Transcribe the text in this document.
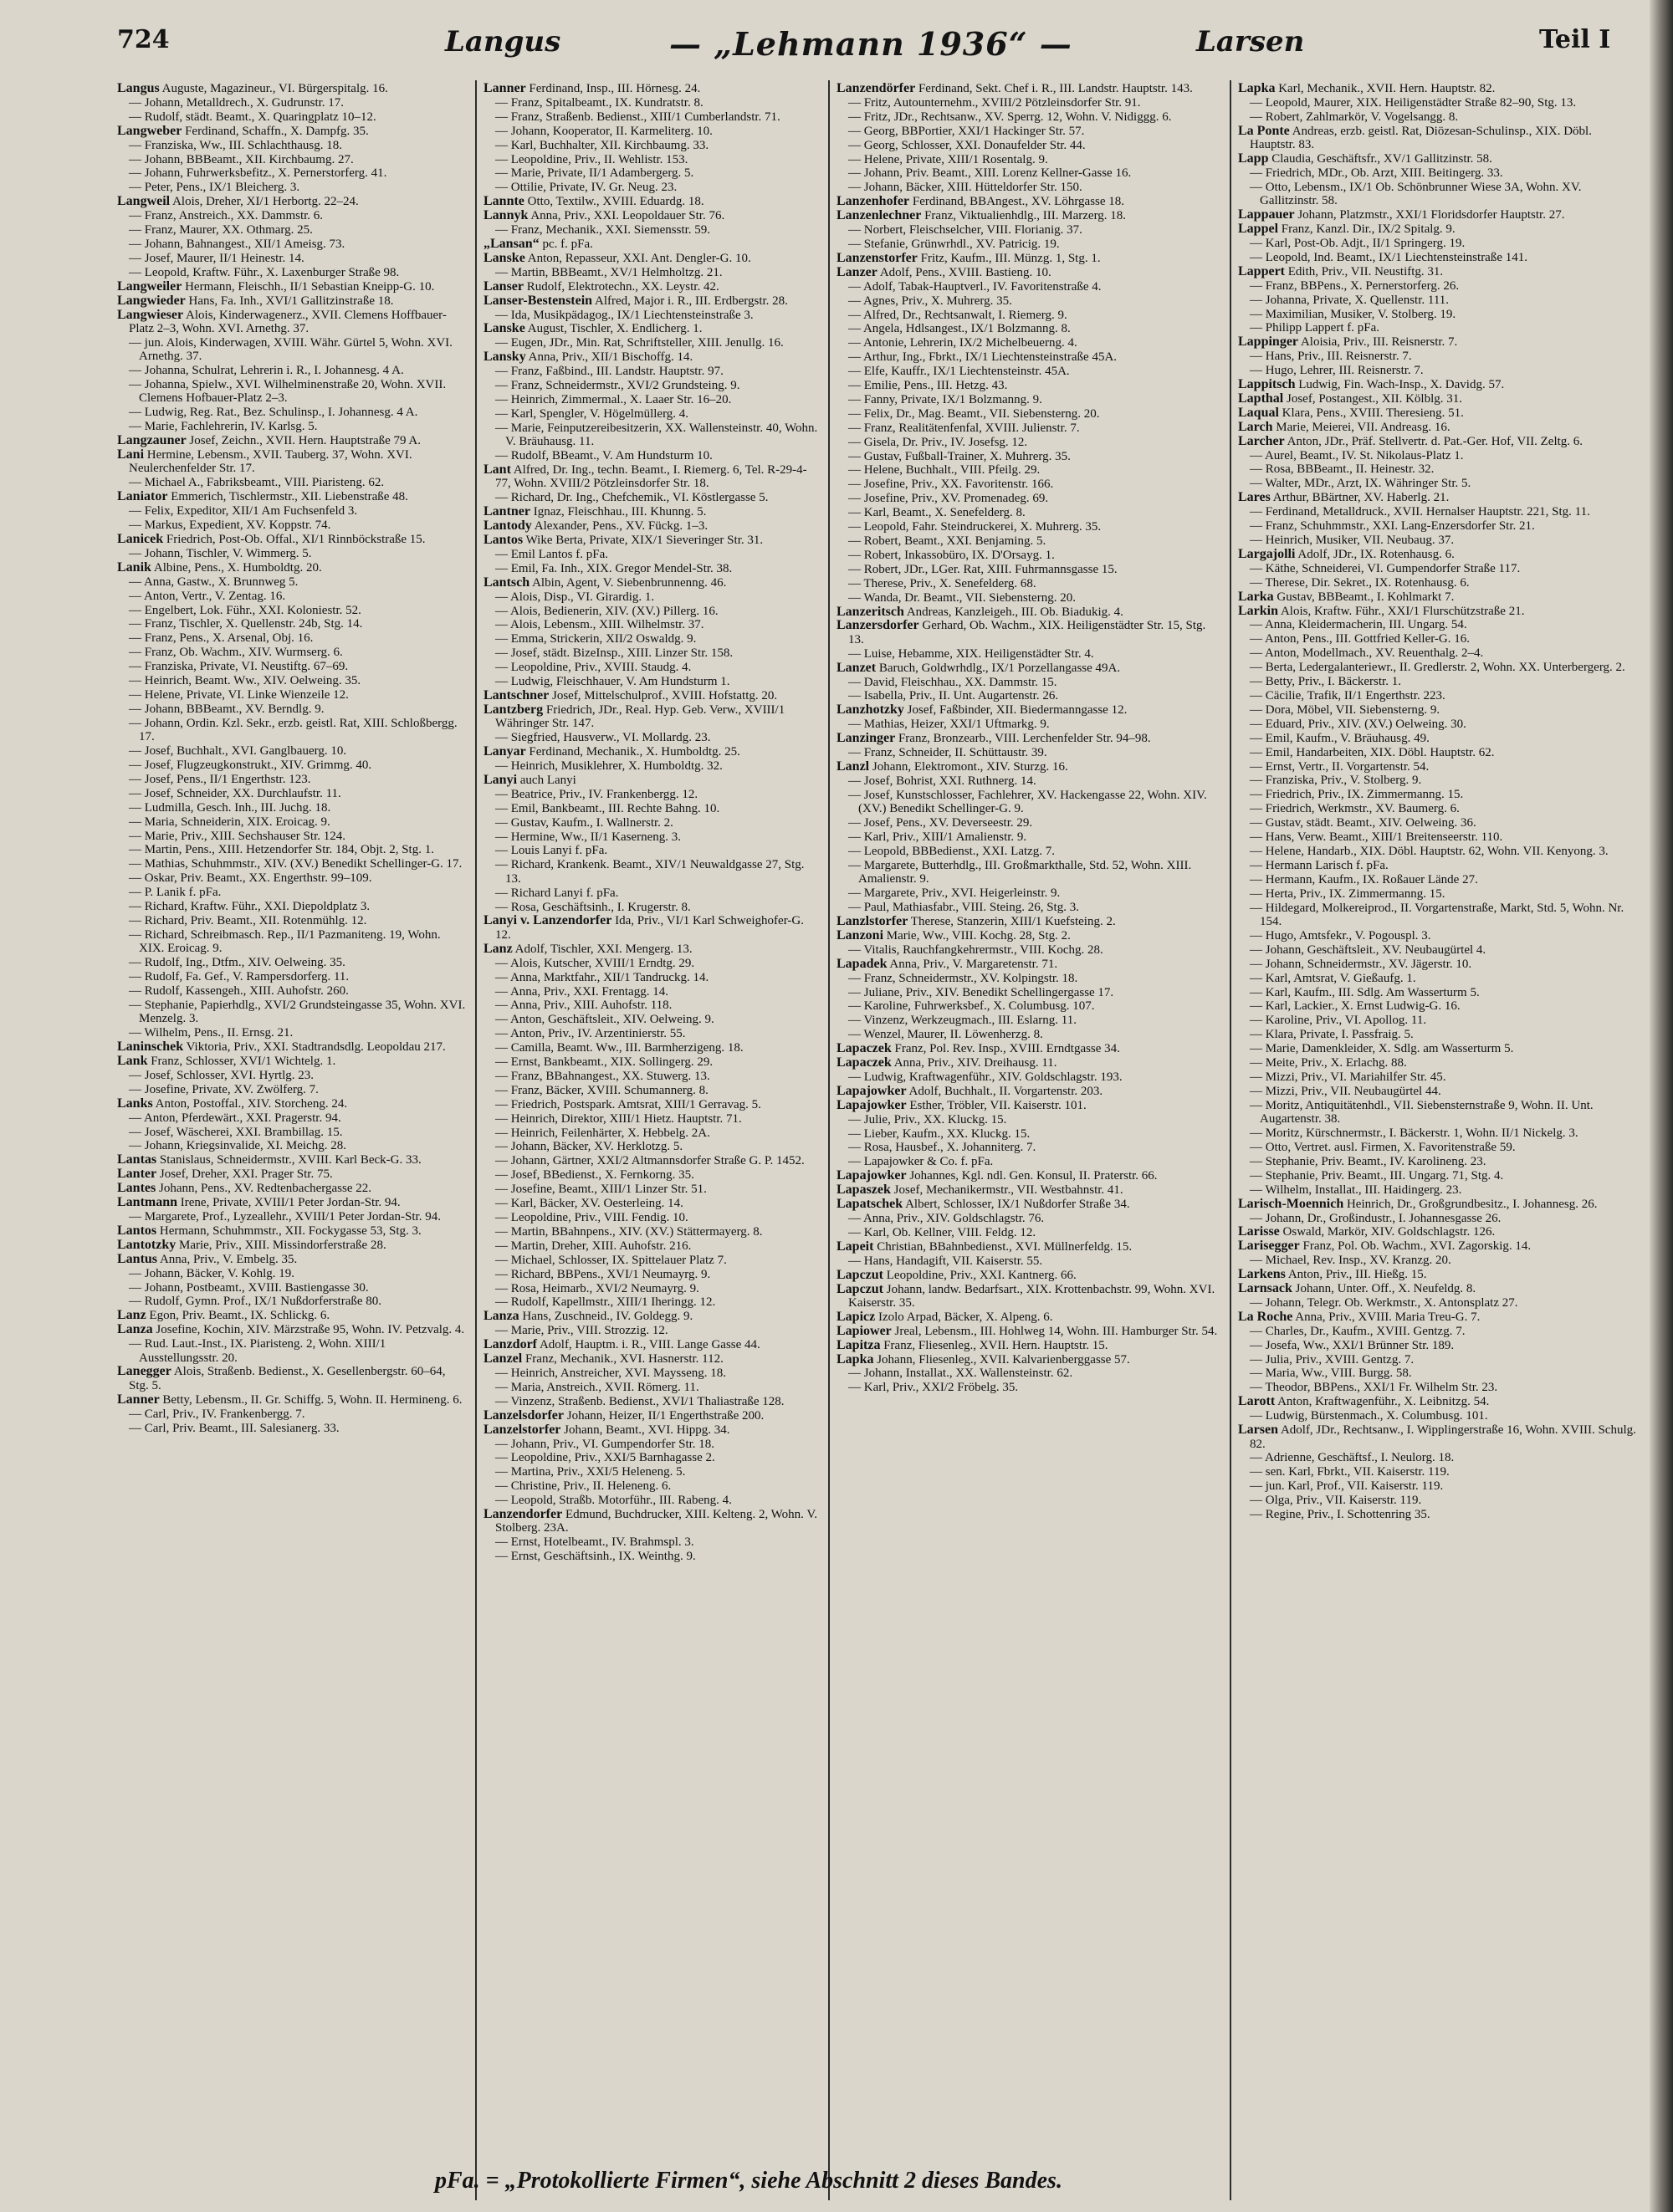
724	Langus	— „Lehmann 1936“ —	Larsen	Teil I
Langus Auguste, Magazineur., VI. Bürgerspitalg. 16.
— Johann, Metalldrech., X. Gudrunstr. 17.
— Rudolf, städt. Beamt., X. Quaringplatz 10–12.
Langweber Ferdinand, Schaffn., X. Dampfg. 35.
— Franziska, Ww., III. Schlachthausg. 18.
— Johann, BBBeamt., XII. Kirchbaumg. 27.
— Johann, Fuhrwerksbefitz., X. Pernerstorferg. 41.
— Peter, Pens., IX/1 Bleicherg. 3.
Langweil Alois, Dreher, XI/1 Herbortg. 22–24.
— Franz, Anstreich., XX. Dammstr. 6.
— Franz, Maurer, XX. Othmarg. 25.
— Johann, Bahnangest., XII/1 Ameisg. 73.
— Josef, Maurer, II/1 Heinestr. 14.
— Leopold, Kraftw. Führ., X. Laxenburger Straße 98.
Langweiler Hermann, Fleischh., II/1 Sebastian Kneipp-G. 10.
Langwieder Hans, Fa. Inh., XVI/1 Gallitzinstraße 18.
Langwieser Alois, Kinderwagenerz., XVII. Clemens Hoffbauer-Platz 2–3, Wohn. XVI. Arnethg. 37.
— jun. Alois, Kinderwagen, XVIII. Währ. Gürtel 5, Wohn. XVI. Arnethg. 37.
— Johanna, Schulrat, Lehrerin i. R., I. Johannesg. 4 A.
— Johanna, Spielw., XVI. Wilhelminenstraße 20, Wohn. XVII. Clemens Hofbauer-Platz 2–3.
— Ludwig, Reg. Rat., Bez. Schulinsp., I. Johannesg. 4 A.
— Marie, Fachlehrerin, IV. Karlsg. 5.
Langzauner Josef, Zeichn., XVII. Hern. Hauptstraße 79 A.
Lani Hermine, Lebensm., XVII. Tauberg. 37, Wohn. XVI. Neulerchenfelder Str. 17.
— Michael A., Fabriksbeamt., VIII. Piaristeng. 62.
Laniator Emmerich, Tischlermstr., XII. Liebenstraße 48.
— Felix, Expeditor, XII/1 Am Fuchsenfeld 3.
— Markus, Expedient, XV. Koppstr. 74.
Lanicek Friedrich, Post-Ob. Offal., XI/1 Rinnböckstraße 15.
— Johann, Tischler, V. Wimmerg. 5.
Lanik Albine, Pens., X. Humboldtg. 20.
— Anna, Gastw., X. Brunnweg 5.
— Anton, Vertr., V. Zentag. 16.
— Engelbert, Lok. Führ., XXI. Koloniestr. 52.
— Franz, Tischler, X. Quellenstr. 24b, Stg. 14.
— Franz, Pens., X. Arsenal, Obj. 16.
— Franz, Ob. Wachm., XIV. Wurmserg. 6.
— Franziska, Private, VI. Neustiftg. 67–69.
— Heinrich, Beamt. Ww., XIV. Oelweing. 35.
— Helene, Private, VI. Linke Wienzeile 12.
— Johann, BBBeamt., XV. Berndlg. 9.
— Johann, Ordin. Kzl. Sekr., erzb. geistl. Rat, XIII. Schloßbergg. 17.
— Josef, Buchhalt., XVI. Ganglbauerg. 10.
— Josef, Flugzeugkonstrukt., XIV. Grimmg. 40.
— Josef, Pens., II/1 Engerthstr. 123.
— Josef, Schneider, XX. Durchlaufstr. 11.
— Ludmilla, Gesch. Inh., III. Juchg. 18.
— Maria, Schneiderin, XIX. Eroicag. 9.
— Marie, Priv., XIII. Sechshauser Str. 124.
— Martin, Pens., XIII. Hetzendorfer Str. 184, Objt. 2, Stg. 1.
— Mathias, Schuhmmstr., XIV. (XV.) Benedikt Schellinger-G. 17.
— Oskar, Priv. Beamt., XX. Engerthstr. 99–109.
— P. Lanik f. pFa.
— Richard, Kraftw. Führ., XXI. Diepoldplatz 3.
— Richard, Priv. Beamt., XII. Rotenmühlg. 12.
— Richard, Schreibmasch. Rep., II/1 Pazmaniteng. 19, Wohn. XIX. Eroicag. 9.
— Rudolf, Ing., Dtfm., XIV. Oelweing. 35.
— Rudolf, Fa. Gef., V. Rampersdorferg. 11.
— Rudolf, Kassengeh., XIII. Auhofstr. 260.
— Stephanie, Papierhdlg., XVI/2 Grundsteingasse 35, Wohn. XVI. Menzelg. 3.
— Wilhelm, Pens., II. Ernsg. 21.
Laninschek Viktoria, Priv., XXI. Stadtrandsdlg. Leopoldau 217.
Lank Franz, Schlosser, XVI/1 Wichtelg. 1.
— Josef, Schlosser, XVI. Hyrtlg. 23.
— Josefine, Private, XV. Zwölferg. 7.
Lanks Anton, Postoffal., XIV. Storcheng. 24.
— Anton, Pferdewärt., XXI. Pragerstr. 94.
— Josef, Wäscherei, XXI. Brambillag. 15.
— Johann, Kriegsinvalide, XI. Meichg. 28.
Lantas Stanislaus, Schneidermstr., XVIII. Karl Beck-G. 33.
Lanter Josef, Dreher, XXI. Prager Str. 75.
Lantes Johann, Pens., XV. Redtenbachergasse 22.
Lantmann Irene, Private, XVIII/1 Peter Jordan-Str. 94.
— Margarete, Prof., Lyzeallehr., XVIII/1 Peter Jordan-Str. 94.
Lantos Hermann, Schuhmmstr., XII. Fockygasse 53, Stg. 3.
Lantotzky Marie, Priv., XIII. Missindorferstraße 28.
Lantus Anna, Priv., V. Embelg. 35.
— Johann, Bäcker, V. Kohlg. 19.
— Johann, Postbeamt., XVIII. Bastiengasse 30.
— Rudolf, Gymn. Prof., IX/1 Nußdorferstraße 80.
Lanz Egon, Priv. Beamt., IX. Schlickg. 6.
Lanza Josefine, Kochin, XIV. Märzstraße 95, Wohn. IV. Petzvalg. 4.
— Rud. Laut.-Inst., IX. Piaristeng. 2, Wohn. XIII/1 Ausstellungsstr. 20.
Lanegger Alois, Straßenb. Bedienst., X. Gesellenbergstr. 60–64, Stg. 5.
Lanner Betty, Lebensm., II. Gr. Schiffg. 5, Wohn. II. Hermineng. 6.
— Carl, Priv., IV. Frankenbergg. 7.
— Carl, Priv. Beamt., III. Salesianerg. 33.
Lanner Ferdinand, Insp., III. Hörnesg. 24.
— Franz, Spitalbeamt., IX. Kundratstr. 8.
— Franz, Straßenb. Bedienst., XIII/1 Cumberlandstr. 71.
— Johann, Kooperator, II. Karmeliterg. 10.
— Karl, Buchhalter, XII. Kirchbaumg. 33.
— Leopoldine, Priv., II. Wehlistr. 153.
— Marie, Private, II/1 Adambergerg. 5.
— Ottilie, Private, IV. Gr. Neug. 23.
Lannte Otto, Textilw., XVIII. Eduardg. 18.
Lannyk Anna, Priv., XXI. Leopoldauer Str. 76.
— Franz, Mechanik., XXI. Siemensstr. 59.
„Lansan“ pc. f. pFa.
Lanske Anton, Repasseur, XXI. Ant. Dengler-G. 10.
— Martin, BBBeamt., XV/1 Helmholtzg. 21.
Lanser Rudolf, Elektrotechn., XX. Leystr. 42.
Lanser-Bestenstein Alfred, Major i. R., III. Erdbergstr. 28.
— Ida, Musikpädagog., IX/1 Liechtensteinstraße 3.
Lanske August, Tischler, X. Endlicherg. 1.
— Eugen, JDr., Min. Rat, Schriftsteller, XIII. Jenullg. 16.
Lansky Anna, Priv., XII/1 Bischoffg. 14.
— Franz, Faßbind., III. Landstr. Hauptstr. 97.
— Franz, Schneidermstr., XVI/2 Grundsteing. 9.
— Heinrich, Zimmermal., X. Laaer Str. 16–20.
— Karl, Spengler, V. Högelmüllerg. 4.
— Marie, Feinputzereibesitzerin, XX. Wallensteinstr. 40, Wohn. V. Bräuhausg. 11.
— Rudolf, BBeamt., V. Am Hundsturm 10.
Lant Alfred, Dr. Ing., techn. Beamt., I. Riemerg. 6, Tel. R-29-4-77, Wohn. XVIII/2 Pötzleinsdorfer Str. 18.
— Richard, Dr. Ing., Chefchemik., VI. Köstlergasse 5.
Lantner Ignaz, Fleischhau., III. Khunng. 5.
Lantody Alexander, Pens., XV. Fückg. 1–3.
Lantos Wike Berta, Private, XIX/1 Sieveringer Str. 31.
— Emil Lantos f. pFa.
— Emil, Fa. Inh., XIX. Gregor Mendel-Str. 38.
Lantsch Albin, Agent, V. Siebenbrunnenng. 46.
— Alois, Disp., VI. Girardig. 1.
— Alois, Bedienerin, XIV. (XV.) Pillerg. 16.
— Alois, Lebensm., XIII. Wilhelmstr. 37.
— Emma, Strickerin, XII/2 Oswaldg. 9.
— Josef, städt. BizeInsp., XIII. Linzer Str. 158.
— Leopoldine, Priv., XVIII. Staudg. 4.
— Ludwig, Fleischhauer, V. Am Hundsturm 1.
Lantschner Josef, Mittelschulprof., XVIII. Hofstattg. 20.
Lantzberg Friedrich, JDr., Real. Hyp. Geb. Verw., XVIII/1 Währinger Str. 147.
— Siegfried, Hausverw., VI. Mollardg. 23.
Lanyar Ferdinand, Mechanik., X. Humboldtg. 25.
— Heinrich, Musiklehrer, X. Humboldtg. 32.
Lanyi auch Lanyi
— Beatrice, Priv., IV. Frankenbergg. 12.
— Emil, Bankbeamt., III. Rechte Bahng. 10.
— Gustav, Kaufm., I. Wallnerstr. 2.
— Hermine, Ww., II/1 Kaserneng. 3.
— Louis Lanyi f. pFa.
— Richard, Krankenk. Beamt., XIV/1 Neuwaldgasse 27, Stg. 13.
— Richard Lanyi f. pFa.
— Rosa, Geschäftsinh., I. Krugerstr. 8.
Lanyi v. Lanzendorfer Ida, Priv., VI/1 Karl Schweighofer-G. 12.
Lanz Adolf, Tischler, XXI. Mengerg. 13.
— Alois, Kutscher, XVIII/1 Erndtg. 29.
— Anna, Marktfahr., XII/1 Tandruckg. 14.
— Anna, Priv., XXI. Frentagg. 14.
— Anna, Priv., XIII. Auhofstr. 118.
— Anton, Geschäftsleit., XIV. Oelweing. 9.
— Anton, Priv., IV. Arzentinierstr. 55.
— Camilla, Beamt. Ww., III. Barmherzigeng. 18.
— Ernst, Bankbeamt., XIX. Sollingerg. 29.
— Franz, BBahnangest., XX. Stuwerg. 13.
— Franz, Bäcker, XVIII. Schumannerg. 8.
— Friedrich, Postspark. Amtsrat, XIII/1 Gerravag. 5.
— Heinrich, Direktor, XIII/1 Hietz. Hauptstr. 71.
— Heinrich, Feilenhärter, X. Hebbelg. 2A.
— Johann, Bäcker, XV. Herklotzg. 5.
— Johann, Gärtner, XXI/2 Altmannsdorfer Straße G. P. 1452.
— Josef, BBedienst., X. Fernkorng. 35.
— Josefine, Beamt., XIII/1 Linzer Str. 51.
— Karl, Bäcker, XV. Oesterleing. 14.
— Leopoldine, Priv., VIII. Fendig. 10.
— Martin, BBahnpens., XIV. (XV.) Stättermayerg. 8.
— Martin, Dreher, XIII. Auhofstr. 216.
— Michael, Schlosser, IX. Spittelauer Platz 7.
— Richard, BBPens., XVI/1 Neumayrg. 9.
— Rosa, Heimarb., XVI/2 Neumayrg. 9.
— Rudolf, Kapellmstr., XIII/1 Iheringg. 12.
Lanza Hans, Zuschneid., IV. Goldegg. 9.
— Marie, Priv., VIII. Strozzig. 12.
Lanzdorf Adolf, Hauptm. i. R., VIII. Lange Gasse 44.
Lanzel Franz, Mechanik., XVI. Hasnerstr. 112.
— Heinrich, Anstreicher, XVI. Maysseng. 18.
— Maria, Anstreich., XVII. Römerg. 11.
— Vinzenz, Straßenb. Bedienst., XVI/1 Thaliastraße 128.
Lanzelsdorfer Johann, Heizer, II/1 Engerthstraße 200.
Lanzelstorfer Johann, Beamt., XVI. Hippg. 34.
— Johann, Priv., VI. Gumpendorfer Str. 18.
— Leopoldine, Priv., XXI/5 Barnhagasse 2.
— Martina, Priv., XXI/5 Heleneng. 5.
— Christine, Priv., II. Heleneng. 6.
— Leopold, Straßb. Motorführ., III. Rabeng. 4.
Lanzendorfer Edmund, Buchdrucker, XIII. Kelteng. 2, Wohn. V. Stolberg. 23A.
— Ernst, Hotelbeamt., IV. Brahmspl. 3.
— Ernst, Geschäftsinh., IX. Weinthg. 9.
Lanzendörfer Ferdinand, Sekt. Chef i. R., III. Landstr. Hauptstr. 143.
— Fritz, Autounternehm., XVIII/2 Pötzleinsdorfer Str. 91.
— Fritz, JDr., Rechtsanw., XV. Sperrg. 12, Wohn. V. Nidiggg. 6.
— Georg, BBPortier, XXI/1 Hackinger Str. 57.
— Georg, Schlosser, XXI. Donaufelder Str. 44.
— Helene, Private, XIII/1 Rosentalg. 9.
— Johann, Priv. Beamt., XIII. Lorenz Kellner-Gasse 16.
— Johann, Bäcker, XIII. Hütteldorfer Str. 150.
Lanzenhofer Ferdinand, BBAngest., XV. Löhrgasse 18.
Lanzenlechner Franz, Viktualienhdlg., III. Marzerg. 18.
— Norbert, Fleischselcher, VIII. Florianig. 37.
— Stefanie, Grünwrhdl., XV. Patricig. 19.
Lanzenstorfer Fritz, Kaufm., III. Münzg. 1, Stg. 1.
Lanzer Adolf, Pens., XVIII. Bastieng. 10.
— Adolf, Tabak-Hauptverl., IV. Favoritenstraße 4.
— Agnes, Priv., X. Muhrerg. 35.
— Alfred, Dr., Rechtsanwalt, I. Riemerg. 9.
— Angela, Hdlsangest., IX/1 Bolzmanng. 8.
— Antonie, Lehrerin, IX/2 Michelbeuerng. 4.
— Arthur, Ing., Fbrkt., IX/1 Liechtensteinstraße 45A.
— Elfe, Kauffr., IX/1 Liechtensteinstr. 45A.
— Emilie, Pens., III. Hetzg. 43.
— Fanny, Private, IX/1 Bolzmanng. 9.
— Felix, Dr., Mag. Beamt., VII. Siebensterng. 20.
— Franz, Realitätenfenfal, XVIII. Julienstr. 7.
— Gisela, Dr. Priv., IV. Josefsg. 12.
— Gustav, Fußball-Trainer, X. Muhrerg. 35.
— Helene, Buchhalt., VIII. Pfeilg. 29.
— Josefine, Priv., XX. Favoritenstr. 166.
— Josefine, Priv., XV. Promenadeg. 69.
— Karl, Beamt., X. Senefelderg. 8.
— Leopold, Fahr. Steindruckerei, X. Muhrerg. 35.
— Robert, Beamt., XXI. Benjaming. 5.
— Robert, Inkassobüro, IX. D'Orsayg. 1.
— Robert, JDr., LGer. Rat, XIII. Fuhrmannsgasse 15.
— Therese, Priv., X. Senefelderg. 68.
— Wanda, Dr. Beamt., VII. Siebensterng. 20.
Lanzeritsch Andreas, Kanzleigeh., III. Ob. Biadukig. 4.
Lanzersdorfer Gerhard, Ob. Wachm., XIX. Heiligenstädter Str. 15, Stg. 13.
— Luise, Hebamme, XIX. Heiligenstädter Str. 4.
Lanzet Baruch, Goldwrhdlg., IX/1 Porzellangasse 49A.
— David, Fleischhau., XX. Dammstr. 15.
— Isabella, Priv., II. Unt. Augartenstr. 26.
Lanzhotzky Josef, Faßbinder, XII. Biedermanngasse 12.
— Mathias, Heizer, XXI/1 Uftmarkg. 9.
Lanzinger Franz, Bronzearb., VIII. Lerchenfelder Str. 94–98.
— Franz, Schneider, II. Schüttaustr. 39.
Lanzl Johann, Elektromont., XIV. Sturzg. 16.
— Josef, Bohrist, XXI. Ruthnerg. 14.
— Josef, Kunstschlosser, Fachlehrer, XV. Hackengasse 22, Wohn. XIV. (XV.) Benedikt Schellinger-G. 9.
— Josef, Pens., XV. Deverseestr. 29.
— Karl, Priv., XIII/1 Amalienstr. 9.
— Leopold, BBBedienst., XXI. Latzg. 7.
— Margarete, Butterhdlg., III. Großmarkthalle, Std. 52, Wohn. XIII. Amalienstr. 9.
— Margarete, Priv., XVI. Heigerleinstr. 9.
— Paul, Mathiasfabr., VIII. Steing. 26, Stg. 3.
Lanzlstorfer Therese, Stanzerin, XIII/1 Kuefsteing. 2.
Lanzoni Marie, Ww., VIII. Kochg. 28, Stg. 2.
— Vitalis, Rauchfangkehrermstr., VIII. Kochg. 28.
Lapadek Anna, Priv., V. Margaretenstr. 71.
— Franz, Schneidermstr., XV. Kolpingstr. 18.
— Juliane, Priv., XIV. Benedikt Schellingergasse 17.
— Karoline, Fuhrwerksbef., X. Columbusg. 107.
— Vinzenz, Werkzeugmach., III. Eslarng. 11.
— Wenzel, Maurer, II. Löwenherzg. 8.
Lapaczek Franz, Pol. Rev. Insp., XVIII. Erndtgasse 34.
Lapaczek Anna, Priv., XIV. Dreihausg. 11.
— Ludwig, Kraftwagenführ., XIV. Goldschlagstr. 193.
Lapajowker Adolf, Buchhalt., II. Vorgartenstr. 203.
Lapajowker Esther, Tröbler, VII. Kaiserstr. 101.
— Julie, Priv., XX. Kluckg. 15.
— Lieber, Kaufm., XX. Kluckg. 15.
— Rosa, Hausbef., X. Johanniterg. 7.
— Lapajowker & Co. f. pFa.
Lapajowker Johannes, Kgl. ndl. Gen. Konsul, II. Praterstr. 66.
Lapaszek Josef, Mechanikermstr., VII. Westbahnstr. 41.
Lapatschek Albert, Schlosser, IX/1 Nußdorfer Straße 34.
— Anna, Priv., XIV. Goldschlagstr. 76.
— Karl, Ob. Kellner, VIII. Feldg. 12.
Lapeit Christian, BBahnbedienst., XVI. Müllnerfeldg. 15.
— Hans, Handagift, VII. Kaiserstr. 55.
Lapczut Leopoldine, Priv., XXI. Kantnerg. 66.
Lapczut Johann, landw. Bedarfsart., XIX. Krottenbachstr. 99, Wohn. XVI. Kaiserstr. 35.
Lapicz Izolo Arpad, Bäcker, X. Alpeng. 6.
Lapiower Jreal, Lebensm., III. Hohlweg 14, Wohn. III. Hamburger Str. 54.
Lapitza Franz, Fliesenleg., XVII. Hern. Hauptstr. 15.
Lapka Johann, Fliesenleg., XVII. Kalvarienberggasse 57.
— Johann, Installat., XX. Wallensteinstr. 62.
— Karl, Priv., XXI/2 Fröbelg. 35.
Lapka Karl, Mechanik., XVII. Hern. Hauptstr. 82.
— Leopold, Maurer, XIX. Heiligenstädter Straße 82–90, Stg. 13.
— Robert, Zahlmarkör, V. Vogelsangg. 8.
La Ponte Andreas, erzb. geistl. Rat, Diözesan-Schulinsp., XIX. Döbl. Hauptstr. 83.
Lapp Claudia, Geschäftsfr., XV/1 Gallitzinstr. 58.
— Friedrich, MDr., Ob. Arzt, XIII. Beitingerg. 33.
— Otto, Lebensm., IX/1 Ob. Schönbrunner Wiese 3A, Wohn. XV. Gallitzinstr. 58.
Lappauer Johann, Platzmstr., XXI/1 Floridsdorfer Hauptstr. 27.
Lappel Franz, Kanzl. Dir., IX/2 Spitalg. 9.
— Karl, Post-Ob. Adjt., II/1 Springerg. 19.
— Leopold, Ind. Beamt., IX/1 Liechtensteinstraße 141.
Lappert Edith, Priv., VII. Neustiftg. 31.
— Franz, BBPens., X. Pernerstorferg. 26.
— Johanna, Private, X. Quellenstr. 111.
— Maximilian, Musiker, V. Stolberg. 19.
— Philipp Lappert f. pFa.
Lappinger Aloisia, Priv., III. Reisnerstr. 7.
— Hans, Priv., III. Reisnerstr. 7.
— Hugo, Lehrer, III. Reisnerstr. 7.
Lappitsch Ludwig, Fin. Wach-Insp., X. Davidg. 57.
Lapthal Josef, Postangest., XII. Kölblg. 31.
Laqual Klara, Pens., XVIII. Theresieng. 51.
Larch Marie, Meierei, VII. Andreasg. 16.
Larcher Anton, JDr., Präf. Stellvertr. d. Pat.-Ger. Hof, VII. Zeltg. 6.
— Aurel, Beamt., IV. St. Nikolaus-Platz 1.
— Rosa, BBBeamt., II. Heinestr. 32.
— Walter, MDr., Arzt, IX. Währinger Str. 5.
Lares Arthur, BBärtner, XV. Haberlg. 21.
— Ferdinand, Metalldruck., XVII. Hernalser Hauptstr. 221, Stg. 11.
— Franz, Schuhmmstr., XXI. Lang-Enzersdorfer Str. 21.
— Heinrich, Musiker, VII. Neubaug. 37.
Largajolli Adolf, JDr., IX. Rotenhausg. 6.
— Käthe, Schneiderei, VI. Gumpendorfer Straße 117.
— Therese, Dir. Sekret., IX. Rotenhausg. 6.
Larka Gustav, BBBeamt., I. Kohlmarkt 7.
Larkin Alois, Kraftw. Führ., XXI/1 Flurschützstraße 21.
— Anna, Kleidermacherin, III. Ungarg. 54.
— Anton, Pens., III. Gottfried Keller-G. 16.
— Anton, Modellmach., XV. Reuenthalg. 2–4.
— Berta, Ledergalanteriewr., II. Gredlerstr. 2, Wohn. XX. Unterbergerg. 2.
— Betty, Priv., I. Bäckerstr. 1.
— Cäcilie, Trafik, II/1 Engerthstr. 223.
— Dora, Möbel, VII. Siebensterng. 9.
— Eduard, Priv., XIV. (XV.) Oelweing. 30.
— Emil, Kaufm., V. Bräuhausg. 49.
— Emil, Handarbeiten, XIX. Döbl. Hauptstr. 62.
— Ernst, Vertr., II. Vorgartenstr. 54.
— Franziska, Priv., V. Stolberg. 9.
— Friedrich, Priv., IX. Zimmermanng. 15.
— Friedrich, Werkmstr., XV. Baumerg. 6.
— Gustav, städt. Beamt., XIV. Oelweing. 36.
— Hans, Verw. Beamt., XIII/1 Breitenseerstr. 110.
— Helene, Handarb., XIX. Döbl. Hauptstr. 62, Wohn. VII. Kenyong. 3.
— Hermann Larisch f. pFa.
— Hermann, Kaufm., IX. Roßauer Lände 27.
— Herta, Priv., IX. Zimmermanng. 15.
— Hildegard, Molkereiprod., II. Vorgartenstraße, Markt, Std. 5, Wohn. Nr. 154.
— Hugo, Amtsfekr., V. Pogouspl. 3.
— Johann, Geschäftsleit., XV. Neubaugürtel 4.
— Johann, Schneidermstr., XV. Jägerstr. 10.
— Karl, Amtsrat, V. Gießaufg. 1.
— Karl, Kaufm., III. Sdlg. Am Wasserturm 5.
— Karl, Lackier., X. Ernst Ludwig-G. 16.
— Karoline, Priv., VI. Apollog. 11.
— Klara, Private, I. Passfraig. 5.
— Marie, Damenkleider, X. Sdlg. am Wasserturm 5.
— Meite, Priv., X. Erlachg. 88.
— Mizzi, Priv., VI. Mariahilfer Str. 45.
— Mizzi, Priv., VII. Neubaugürtel 44.
— Moritz, Antiquitätenhdl., VII. Siebensternstraße 9, Wohn. II. Unt. Augartenstr. 38.
— Moritz, Kürschnermstr., I. Bäckerstr. 1, Wohn. II/1 Nickelg. 3.
— Otto, Vertret. ausl. Firmen, X. Favoritenstraße 59.
— Stephanie, Priv. Beamt., IV. Karolineng. 23.
— Stephanie, Priv. Beamt., III. Ungarg. 71, Stg. 4.
— Wilhelm, Installat., III. Haidingerg. 23.
Larisch-Moennich Heinrich, Dr., Großgrundbesitz., I. Johannesg. 26.
— Johann, Dr., Großindustr., I. Johannesgasse 26.
Larisse Oswald, Markör, XIV. Goldschlagstr. 126.
Larisegger Franz, Pol. Ob. Wachm., XVI. Zagorskig. 14.
— Michael, Rev. Insp., XV. Kranzg. 20.
Larkens Anton, Priv., III. Hießg. 15.
Larnsack Johann, Unter. Off., X. Neufeldg. 8.
— Johann, Telegr. Ob. Werkmstr., X. Antonsplatz 27.
La Roche Anna, Priv., XVIII. Maria Treu-G. 7.
— Charles, Dr., Kaufm., XVIII. Gentzg. 7.
— Josefa, Ww., XXI/1 Brünner Str. 189.
— Julia, Priv., XVIII. Gentzg. 7.
— Maria, Ww., VIII. Burgg. 58.
— Theodor, BBPens., XXI/1 Fr. Wilhelm Str. 23.
Larott Anton, Kraftwagenführ., X. Leibnitzg. 54.
— Ludwig, Bürstenmach., X. Columbusg. 101.
Larsen Adolf, JDr., Rechtsanw., I. Wipplingerstraße 16, Wohn. XVIII. Schulg. 82.
— Adrienne, Geschäftsf., I. Neulorg. 18.
— sen. Karl, Fbrkt., VII. Kaiserstr. 119.
— jun. Karl, Prof., VII. Kaiserstr. 119.
— Olga, Priv., VII. Kaiserstr. 119.
— Regine, Priv., I. Schottenring 35.
pFa. = „Protokollierte Firmen“, siehe Abschnitt 2 dieses Bandes.
